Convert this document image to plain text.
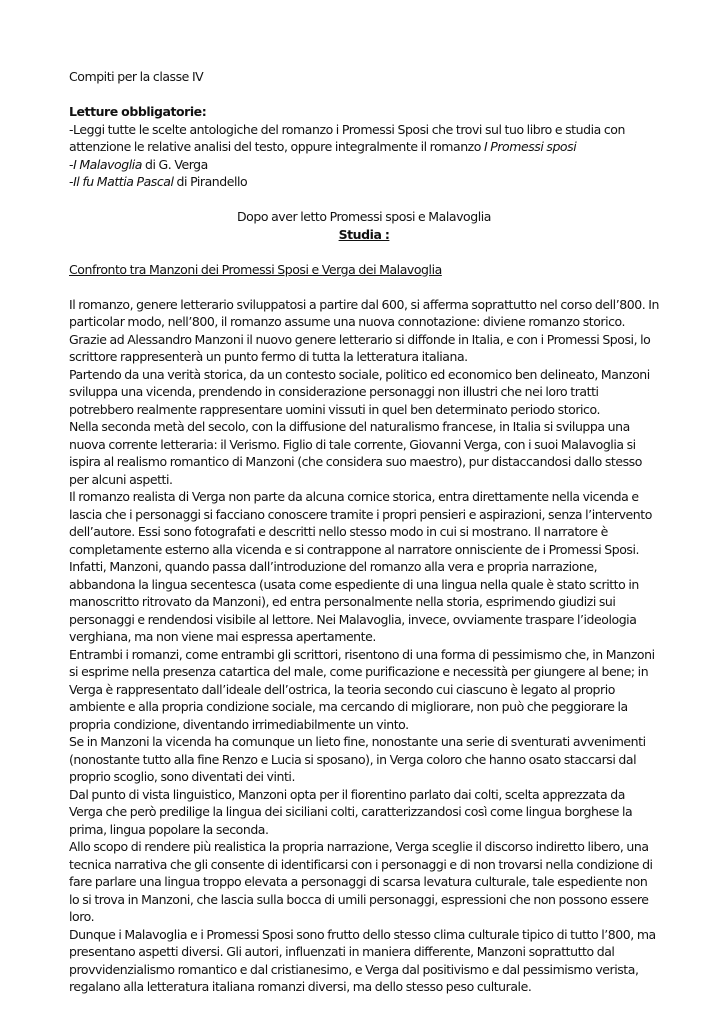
Compiti per la classe IV
Letture obbligatorie:
-Leggi tutte le scelte antologiche del romanzo i Promessi Sposi che trovi sul tuo libro e studia con
attenzione le relative analisi del testo, oppure integralmente il romanzo I Promessi sposi
-I Malavoglia di G. Verga
-Il fu Mattia Pascal di Pirandello
Dopo aver letto Promessi sposi e Malavoglia
Studia :
Confronto tra Manzoni dei Promessi Sposi e Verga dei Malavoglia

Il romanzo, genere letterario sviluppatosi a partire dal 600, si afferma soprattutto nel corso dell’800. In particolar modo, nell’800, il romanzo assume una nuova connotazione: diviene romanzo storico. Grazie ad Alessandro Manzoni il nuovo genere letterario si diffonde in Italia, e con i Promessi Sposi, lo scrittore rappresenterà un punto fermo di tutta la letteratura italiana.

Partendo da una verità storica, da un contesto sociale, politico ed economico ben delineato, Manzoni sviluppa una vicenda, prendendo in considerazione personaggi non illustri che nei loro tratti potrebbero realmente rappresentare uomini vissuti in quel ben determinato periodo storico.

Nella seconda metà del secolo, con la diffusione del naturalismo francese, in Italia si sviluppa una nuova corrente letteraria: il Verismo. Figlio di tale corrente, Giovanni Verga, con i suoi Malavoglia si ispira al realismo romantico di Manzoni (che considera suo maestro), pur distaccandosi dallo stesso per alcuni aspetti.

Il romanzo realista di Verga non parte da alcuna cornice storica, entra direttamente nella vicenda e lascia che i personaggi si facciano conoscere tramite i propri pensieri e aspirazioni, senza l’intervento dell’autore. Essi sono fotografati e descritti nello stesso modo in cui si mostrano. Il narratore è completamente esterno alla vicenda e si contrappone al narratore onnisciente de i Promessi Sposi.

Infatti, Manzoni, quando passa dall’introduzione del romanzo alla vera e propria narrazione, abbandona la lingua secentesca (usata come espediente di una lingua nella quale è stato scritto in manoscritto ritrovato da Manzoni), ed entra personalmente nella storia, esprimendo giudizi sui personaggi e rendendosi visibile al lettore. Nei Malavoglia, invece, ovviamente traspare l’ideologia verghiana, ma non viene mai espressa apertamente.

Entrambi i romanzi, come entrambi gli scrittori, risentono di una forma di pessimismo che, in Manzoni si esprime nella presenza catartica del male, come purificazione e necessità per giungere al bene; in Verga è rappresentato dall’ideale dell’ostrica, la teoria secondo cui ciascuno è legato al proprio ambiente e alla propria condizione sociale, ma cercando di migliorare, non può che peggiorare la propria condizione, diventando irrimediabilmente un vinto.

Se in Manzoni la vicenda ha comunque un lieto fine, nonostante una serie di sventurati avvenimenti (nonostante tutto alla fine Renzo e Lucia si sposano), in Verga coloro che hanno osato staccarsi dal proprio scoglio, sono diventati dei vinti.

Dal punto di vista linguistico, Manzoni opta per il fiorentino parlato dai colti, scelta apprezzata da Verga che però predilige la lingua dei siciliani colti, caratterizzandosi così come lingua borghese la prima, lingua popolare la seconda.

Allo scopo di rendere più realistica la propria narrazione, Verga sceglie il discorso indiretto libero, una tecnica narrativa che gli consente di identificarsi con i personaggi e di non trovarsi nella condizione di fare parlare una lingua troppo elevata a personaggi di scarsa levatura culturale, tale espediente non lo si trova in Manzoni, che lascia sulla bocca di umili personaggi, espressioni che non possono essere loro.

Dunque i Malavoglia e i Promessi Sposi sono frutto dello stesso clima culturale tipico di tutto l’800, ma presentano aspetti diversi. Gli autori, influenzati in maniera differente, Manzoni soprattutto dal provvidenzialismo romantico e dal cristianesimo, e Verga dal positivismo e dal pessimismo verista, regalano alla letteratura italiana romanzi diversi, ma dello stesso peso culturale.
